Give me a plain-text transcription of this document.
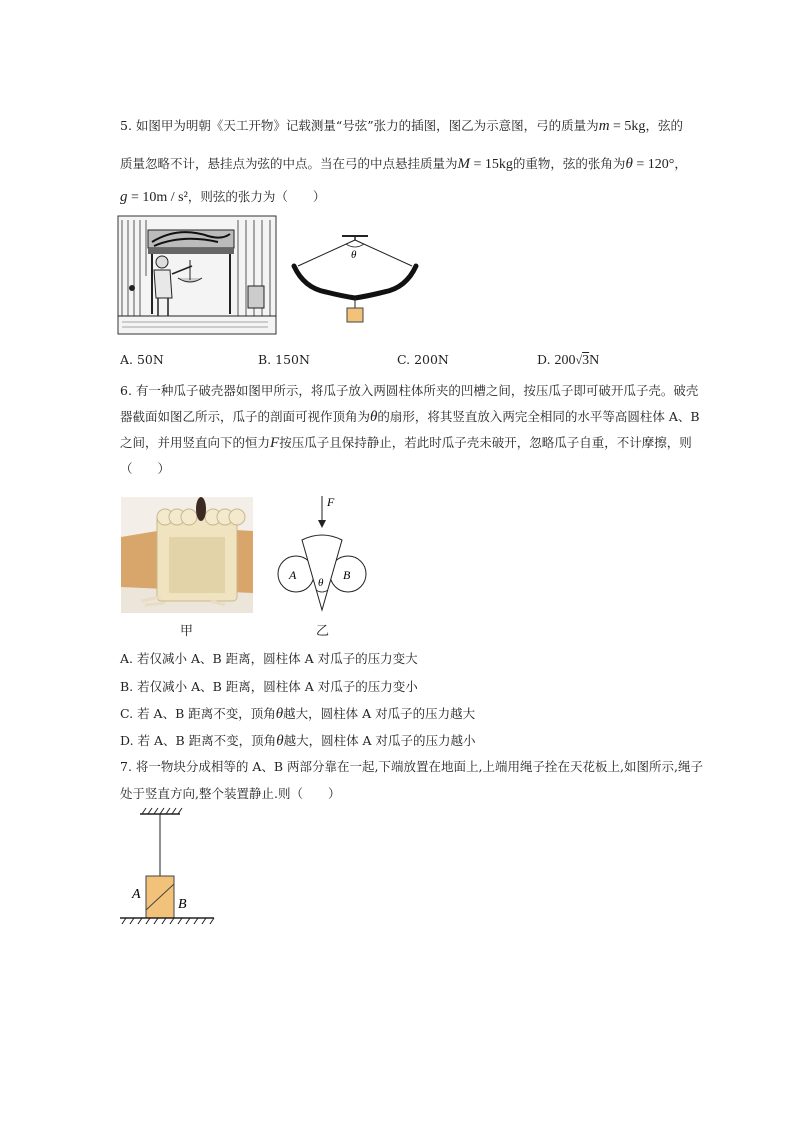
5. 如图甲为明朝《天工开物》记载测量“号弦”张力的插图，图乙为示意图，弓的质量为m = 5kg，弦的
质量忽略不计，悬挂点为弦的中点。当在弓的中点悬挂质量为M = 15kg的重物，弦的张角为θ = 120°，
g = 10m / s²，则弦的张力为（　　）
θ
A. 50N	B. 150N	C. 200N	D. 200√3N
6. 有一种瓜子破壳器如图甲所示，将瓜子放入两圆柱体所夹的凹槽之间，按压瓜子即可破开瓜子壳。破壳
器截面如图乙所示，瓜子的剖面可视作顶角为θ的扇形，将其竖直放入两完全相同的水平等高圆柱体 A、B
之间，并用竖直向下的恒力F按压瓜子且保持静止，若此时瓜子壳未破开，忽略瓜子自重，不计摩擦，则
（　　）
甲
F
A	B
θ
乙
A. 若仅减小 A、B 距离，圆柱体 A 对瓜子的压力变大
B. 若仅减小 A、B 距离，圆柱体 A 对瓜子的压力变小
C. 若 A、B 距离不变，顶角θ越大，圆柱体 A 对瓜子的压力越大
D. 若 A、B 距离不变，顶角θ越大，圆柱体 A 对瓜子的压力越小
7. 将一物块分成相等的 A、B 两部分靠在一起,下端放置在地面上,上端用绳子拴在天花板上,如图所示,绳子
处于竖直方向,整个装置静止.则（　　）
A
B
